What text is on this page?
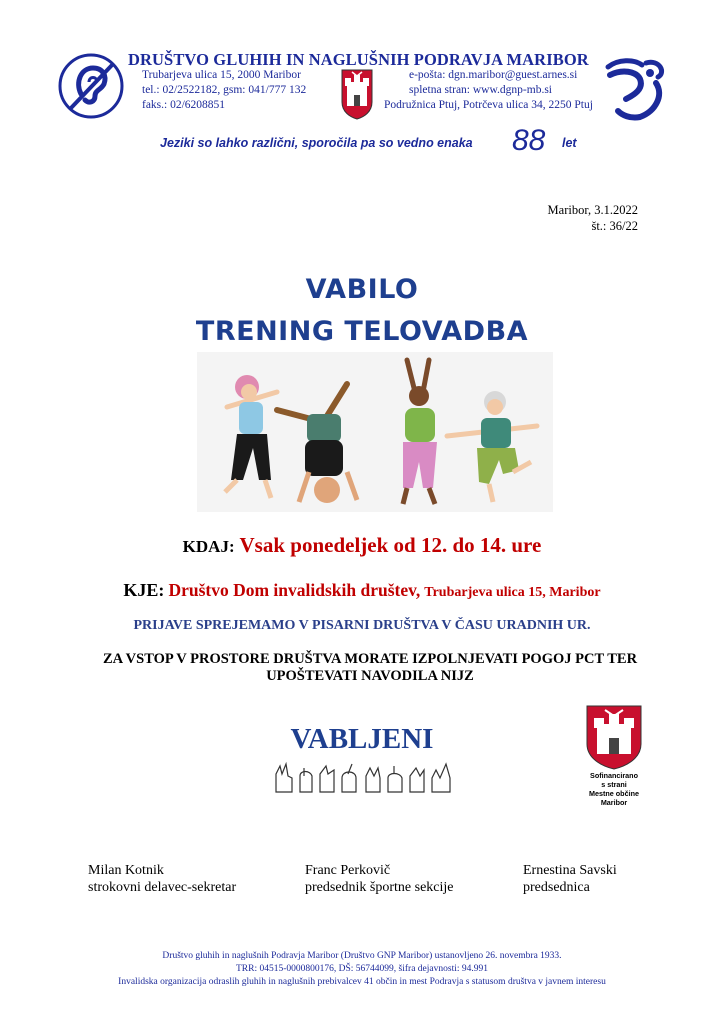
DRUŠTVO GLUHIH IN NAGLUŠNIH PODRAVJA MARIBOR
Trubarjeva ulica 15, 2000 Maribor
tel.: 02/2522182, gsm: 041/777 132
faks.: 02/6208851
e-pošta: dgn.maribor@guest.arnes.si
spletna stran: www.dgnp-mb.si
Podružnica Ptuj, Potrčeva ulica 34, 2250 Ptuj
Jeziki so lahko različni, sporočila pa so vedno enaka 88 let
Maribor, 3.1.2022
št.: 36/22
VABILO
TRENING TELOVADBA
KDAJ: Vsak ponedeljek od 12. do 14. ure
KJE: Društvo Dom invalidskih društev, Trubarjeva ulica 15, Maribor
PRIJAVE SPREJEMAMO V PISARNI DRUŠTVA V ČASU URADNIH UR.
ZA VSTOP V PROSTORE DRUŠTVA MORATE IZPOLNJEVATI POGOJ PCT TER
UPOŠTEVATI NAVODILA NIJZ
VABLJENI
Sofinancirano
s strani
Mestne občine
Maribor
Milan Kotnik
strokovni delavec-sekretar
Franc Perkovič
predsednik športne sekcije
Ernestina Savski
predsednica
Društvo gluhih in naglušnih Podravja Maribor (Društvo GNP Maribor) ustanovljeno 26. novembra 1933.
TRR: 04515-0000800176, DŠ: 56744099, šifra dejavnosti: 94.991
Invalidska organizacija odraslih gluhih in naglušnih prebivalcev 41 občin in mest Podravja s statusom društva v javnem interesu
